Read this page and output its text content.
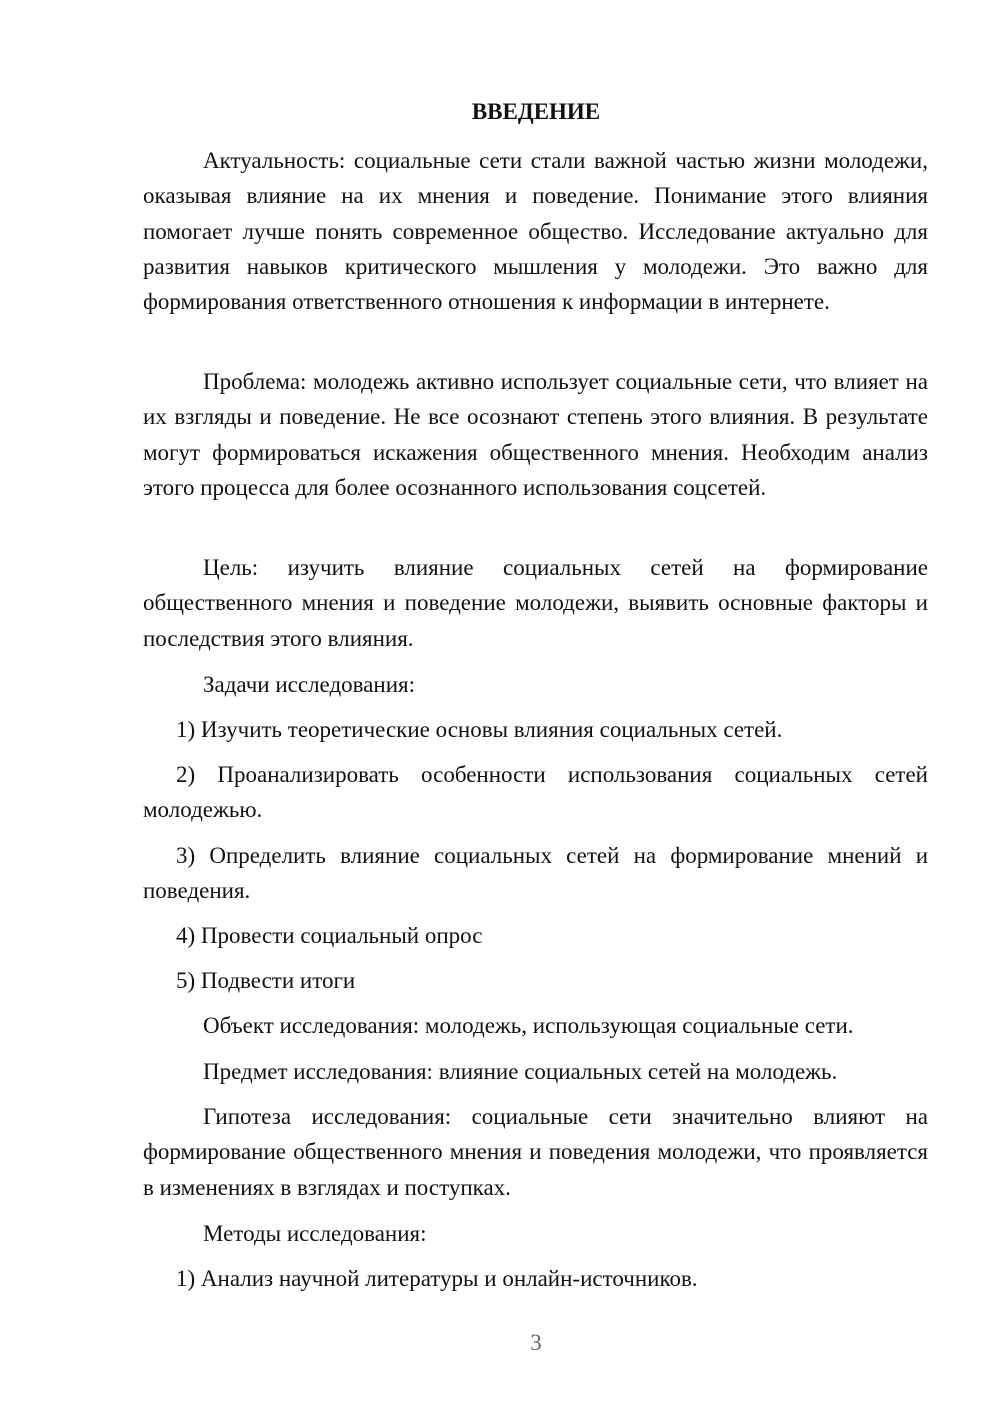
ВВЕДЕНИЕ

Актуальность: социальные сети стали важной частью жизни молодежи, оказывая влияние на их мнения и поведение. Понимание этого влияния помогает лучше понять современное общество. Исследование актуально для развития навыков критического мышления у молодежи. Это важно для формирования ответственного отношения к информации в интернете.

Проблема: молодежь активно использует социальные сети, что влияет на их взгляды и поведение. Не все осознают степень этого влияния. В результате могут формироваться искажения общественного мнения. Необходим анализ этого процесса для более осознанного использования соцсетей.

Цель: изучить влияние социальных сетей на формирование общественного мнения и поведение молодежи, выявить основные факторы и последствия этого влияния.

Задачи исследования:

1) Изучить теоретические основы влияния социальных сетей.

2) Проанализировать особенности использования социальных сетей молодежью.

3) Определить влияние социальных сетей на формирование мнений и поведения.

4) Провести социальный опрос

5) Подвести итоги

Объект исследования: молодежь, использующая социальные сети.

Предмет исследования: влияние социальных сетей на молодежь.

Гипотеза исследования: социальные сети значительно влияют на формирование общественного мнения и поведения молодежи, что проявляется в изменениях в взглядах и поступках.

Методы исследования:

1) Анализ научной литературы и онлайн-источников.

3
